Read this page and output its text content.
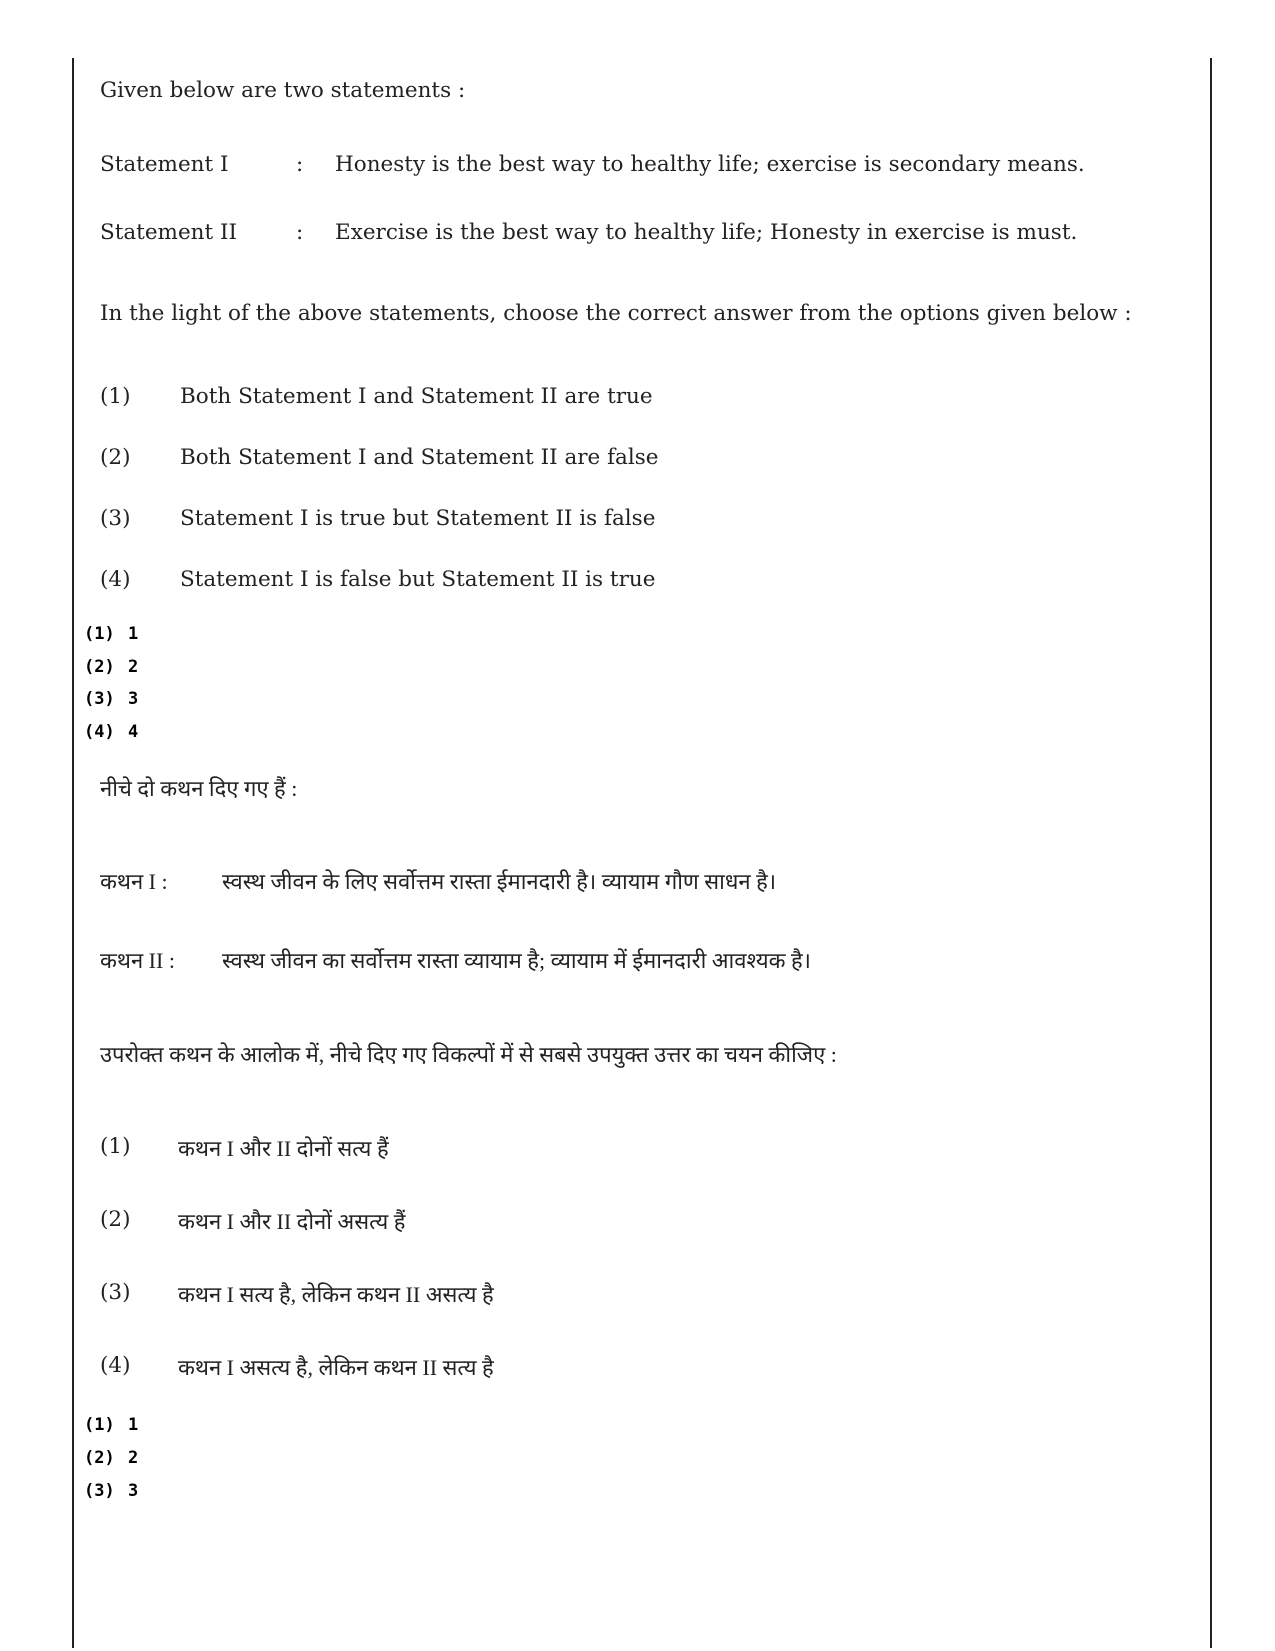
Given below are two statements :
Statement I	: Honesty is the best way to healthy life; exercise is secondary means.
Statement II	: Exercise is the best way to healthy life; Honesty in exercise is must.
In the light of the above statements, choose the correct answer from the options given below :
(1) Both Statement I and Statement II are true
(2) Both Statement I and Statement II are false
(3) Statement I is true but Statement II is false
(4) Statement I is false but Statement II is true
(1) 1
(2) 2
(3) 3
(4) 4
नीचे दो कथन दिए गए हैं :
कथन I : स्वस्थ जीवन के लिए सर्वोत्तम रास्ता ईमानदारी है। व्यायाम गौण साधन है।
कथन II : स्वस्थ जीवन का सर्वोत्तम रास्ता व्यायाम है; व्यायाम में ईमानदारी आवश्यक है।
उपरोक्त कथन के आलोक में, नीचे दिए गए विकल्पों में से सबसे उपयुक्त उत्तर का चयन कीजिए :
(1) कथन I और II दोनों सत्य हैं
(2) कथन I और II दोनों असत्य हैं
(3) कथन I सत्य है, लेकिन कथन II असत्य है
(4) कथन I असत्य है, लेकिन कथन II सत्य है
(1) 1
(2) 2
(3) 3
